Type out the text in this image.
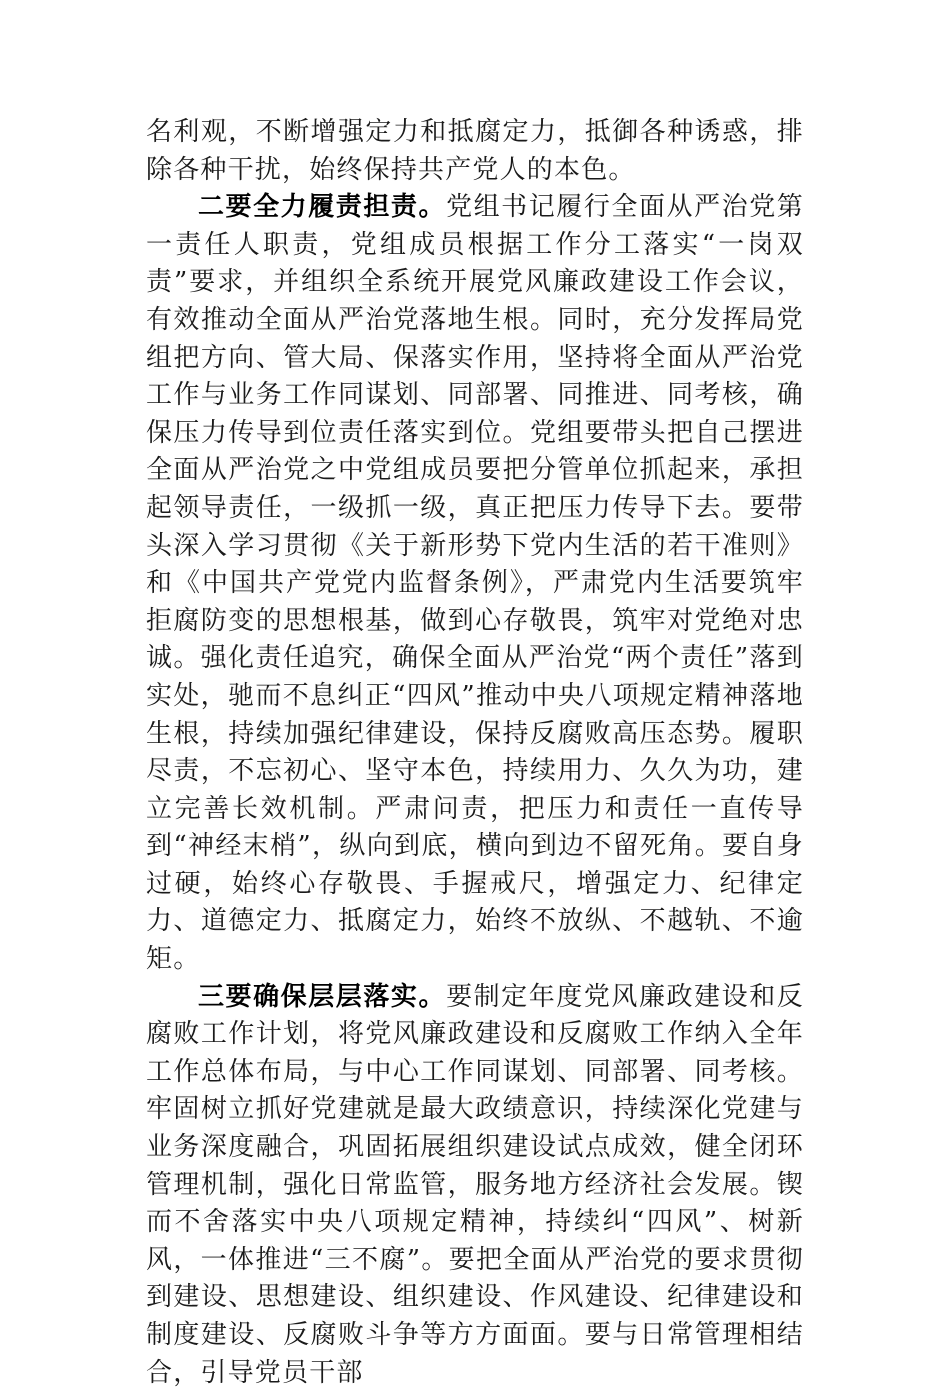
名利观，不断增强定力和抵腐定力，抵御各种诱惑，排除各种干扰，始终保持共产党人的本色。

二要全力履责担责。党组书记履行全面从严治党第一责任人职责，党组成员根据工作分工落实“一岗双责”要求，并组织全系统开展党风廉政建设工作会议，有效推动全面从严治党落地生根。同时，充分发挥局党组把方向、管大局、保落实作用，坚持将全面从严治党工作与业务工作同谋划、同部署、同推进、同考核，确保压力传导到位责任落实到位。党组要带头把自己摆进全面从严治党之中党组成员要把分管单位抓起来，承担起领导责任，一级抓一级，真正把压力传导下去。要带头深入学习贯彻《关于新形势下党内生活的若干准则》和《中国共产党党内监督条例》，严肃党内生活要筑牢拒腐防变的思想根基，做到心存敬畏，筑牢对党绝对忠诚。强化责任追究，确保全面从严治党“两个责任”落到实处，驰而不息纠正“四风”推动中央八项规定精神落地生根，持续加强纪律建设，保持反腐败高压态势。履职尽责，不忘初心、坚守本色，持续用力、久久为功，建立完善长效机制。严肃问责，把压力和责任一直传导到“神经末梢”，纵向到底，横向到边不留死角。要自身过硬，始终心存敬畏、手握戒尺，增强定力、纪律定力、道德定力、抵腐定力，始终不放纵、不越轨、不逾矩。

三要确保层层落实。要制定年度党风廉政建设和反腐败工作计划，将党风廉政建设和反腐败工作纳入全年工作总体布局，与中心工作同谋划、同部署、同考核。牢固树立抓好党建就是最大政绩意识，持续深化党建与业务深度融合，巩固拓展组织建设试点成效，健全闭环管理机制，强化日常监管，服务地方经济社会发展。锲而不舍落实中央八项规定精神，持续纠“四风”、树新风，一体推进“三不腐”。要把全面从严治党的要求贯彻到建设、思想建设、组织建设、作风建设、纪律建设和制度建设、反腐败斗争等方方面面。要与日常管理相结合，引导党员干部
